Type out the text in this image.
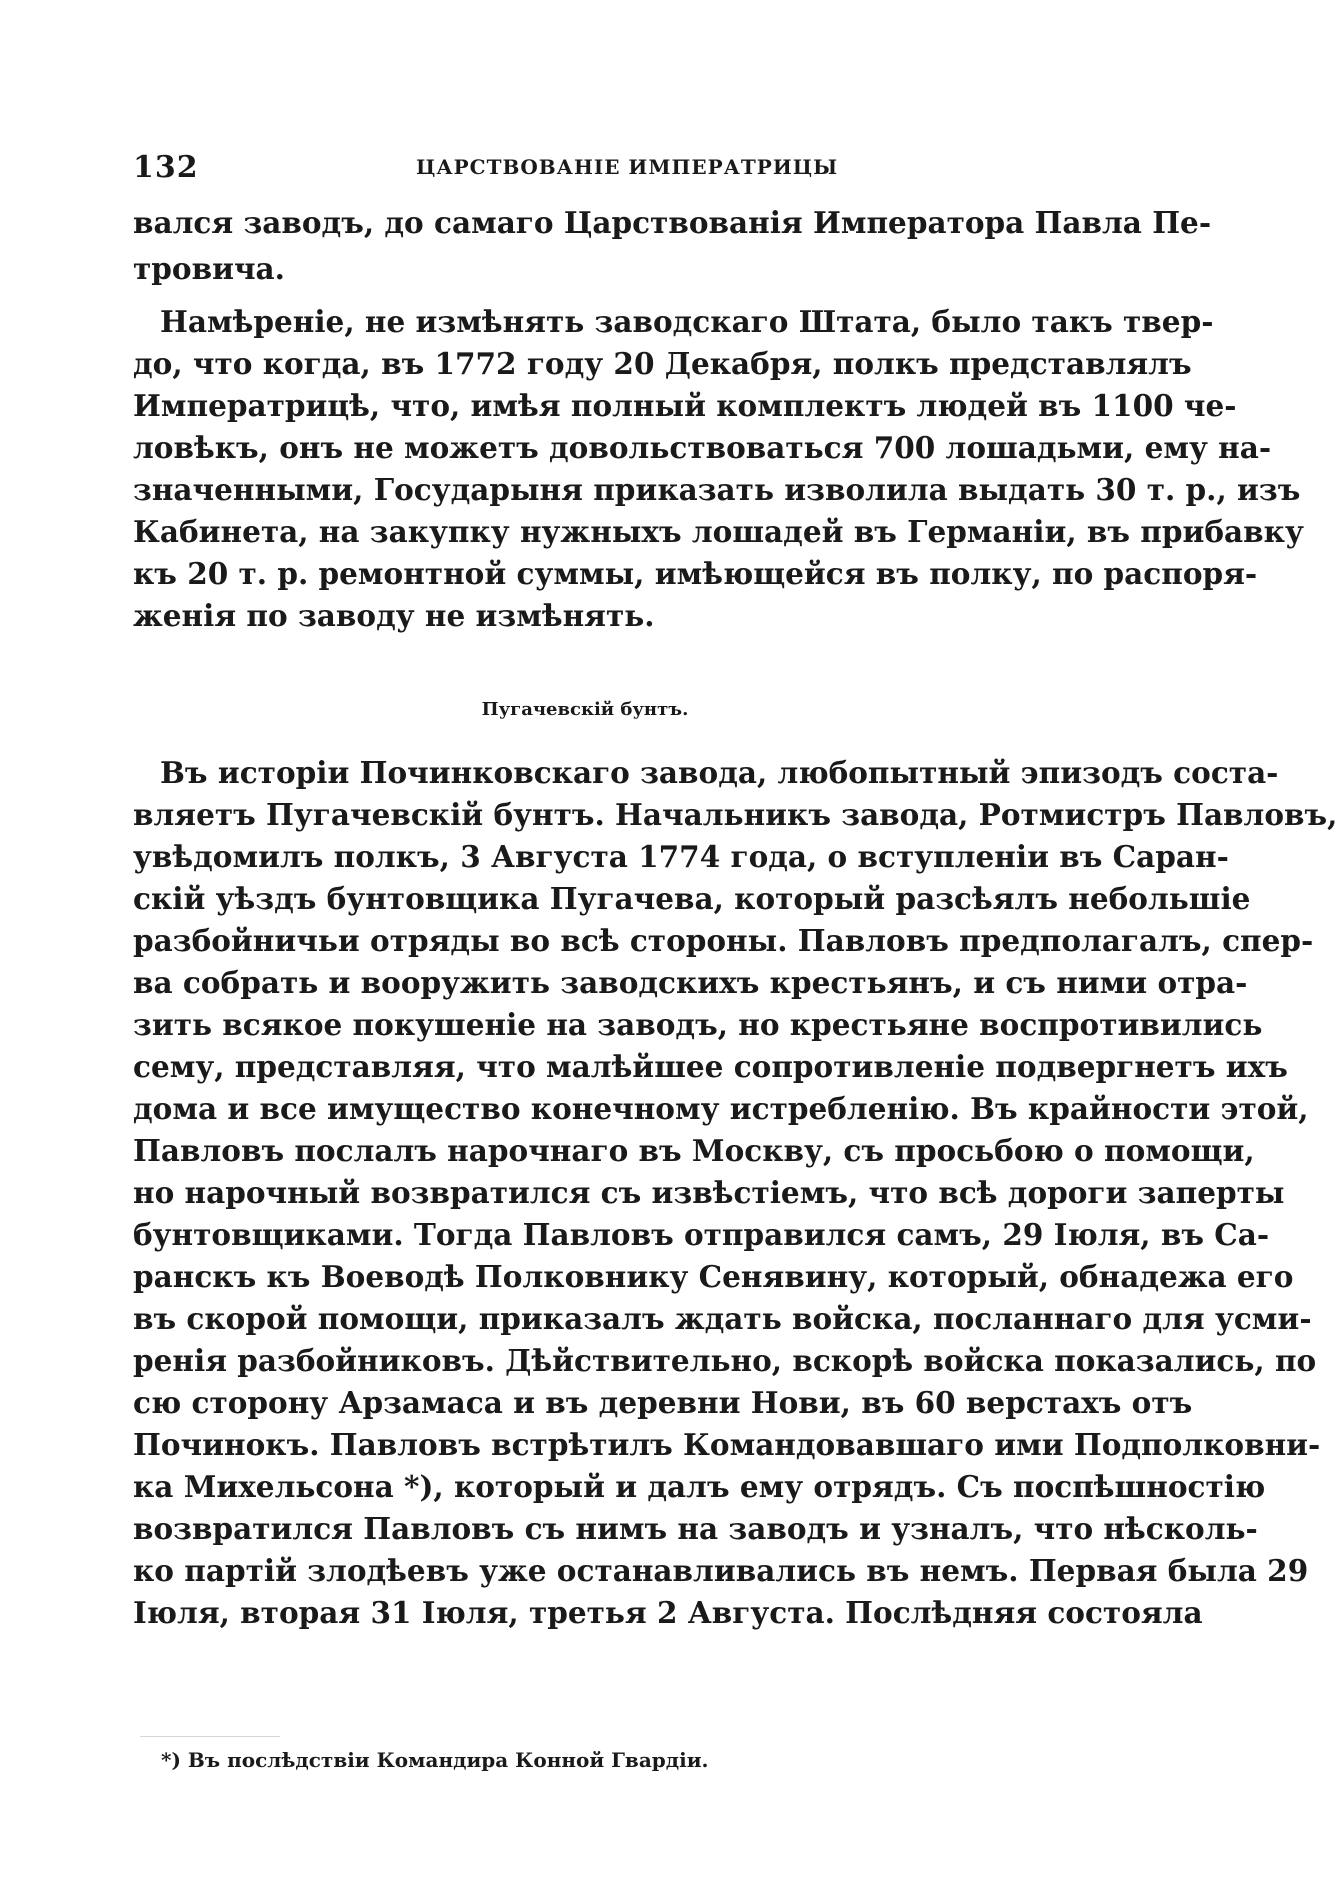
132	ЦАРСТВОВАНІЕ ИМПЕРАТРИЦЫ
вался заводъ, до самаго Царствованія Императора Павла Пе-
тровича.
Намѣреніе, не измѣнять заводскаго Штата, было такъ твер-
до, что когда, въ 1772 году 20 Декабря, полкъ представлялъ
Императрицѣ, что, имѣя полный комплектъ людей въ 1100 че-
ловѣкъ, онъ не можетъ довольствоваться 700 лошадьми, ему на-
значенными, Государыня приказать изволила выдать 30 т. р., изъ
Кабинета, на закупку нужныхъ лошадей въ Германіи, въ прибавку
къ 20 т. р. ремонтной суммы, имѣющейся въ полку, по распоря-
женія по заводу не измѣнять.
Пугачевскій бунтъ.
Въ исторіи Починковскаго завода, любопытный эпизодъ соста-
вляетъ Пугачевскій бунтъ. Начальникъ завода, Ротмистръ Павловъ,
увѣдомилъ полкъ, 3 Августа 1774 года, о вступленіи въ Саран-
скій уѣздъ бунтовщика Пугачева, который разсѣялъ небольшіе
разбойничьи отряды во всѣ стороны. Павловъ предполагалъ, спер-
ва собрать и вооружить заводскихъ крестьянъ, и съ ними отра-
зить всякое покушеніе на заводъ, но крестьяне воспротивились
сему, представляя, что малѣйшее сопротивленіе подвергнетъ ихъ
дома и все имущество конечному истребленію. Въ крайности этой,
Павловъ послалъ нарочнаго въ Москву, съ просьбою о помощи,
но нарочный возвратился съ извѣстіемъ, что всѣ дороги заперты
бунтовщиками. Тогда Павловъ отправился самъ, 29 Іюля, въ Са-
ранскъ къ Воеводѣ Полковнику Сенявину, который, обнадежа его
въ скорой помощи, приказалъ ждать войска, посланнаго для усми-
ренія разбойниковъ. Дѣйствительно, вскорѣ войска показались, по
сю сторону Арзамаса и въ деревни Нови, въ 60 верстахъ отъ
Починокъ. Павловъ встрѣтилъ Командовавшаго ими Подполковни-
ка Михельсона *), который и далъ ему отрядъ. Съ поспѣшностію
возвратился Павловъ съ нимъ на заводъ и узналъ, что нѣсколь-
ко партій злодѣевъ уже останавливались въ немъ. Первая была 29
Іюля, вторая 31 Іюля, третья 2 Августа. Послѣдняя состояла
*) Въ послѣдствіи Командира Конной Гвардіи.
